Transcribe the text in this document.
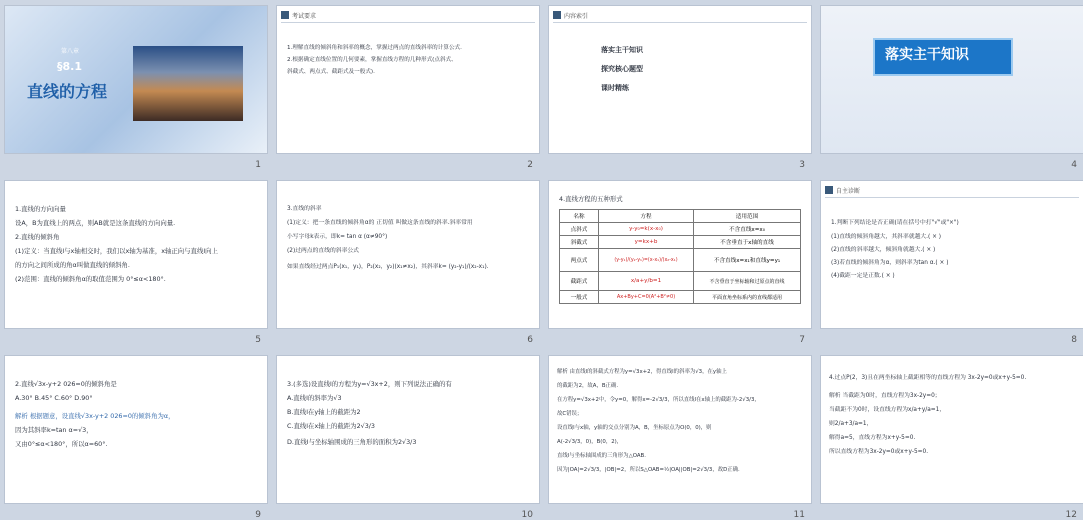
第八章
§8.1
直线的方程
1
考试要求
1.理解直线的倾斜角和斜率的概念，掌握过两点的直线斜率的计算公式.
2.根据确定直线位置的几何要素，掌握直线方程的几种形式(点斜式、
斜截式、两点式、截距式及一般式).
2
内容索引
落实主干知识
探究核心题型
课时精练
3
落实主干知识
4
1.直线的方向向量
设A，B为直线上的两点，则AB就是这条直线的方向向量.
2.直线的倾斜角
(1)定义：当直线l与x轴相交时，我们以x轴为基准，x轴正向与直线l向上
的方向之间所成的角α叫做直线的倾斜角.
(2)范围：直线的倾斜角α的取值范围为 0°≤α<180°.
5
3.直线的斜率
(1)定义：把一条直线的倾斜角α的 正切值 叫做这条直线的斜率.斜率常用
小写字母k表示，即k= tan α (α≠90°)
(2)过两点的直线的斜率公式
如果直线经过两点P₁(x₁，y₁)，P₂(x₂，y₂)(x₁≠x₂)，其斜率k= (y₂-y₁)/(x₂-x₁).
6
4.直线方程的五种形式
名称	方程	适用范围
点斜式	y-y₀=k(x-x₀)	不含直线x=x₀
斜截式	y=kx+b	不含垂直于x轴的直线
两点式	(y-y₁)/(y₂-y₁)=(x-x₁)/(x₂-x₁)	不含直线x=x₁和直线y=y₁
截距式	x/a+y/b=1	不含垂直于坐标轴和过原点的直线
一般式	Ax+By+C=0(A²+B²≠0)	平面直角坐标系内的直线都适用
7
自主诊断
1.判断下列结论是否正确(请在括号中打"√"或"×")
(1)直线的倾斜角越大，其斜率就越大.( × )
(2)直线的斜率越大，倾斜角就越大.( × )
(3)若直线的倾斜角为α，则斜率为tan α.( × )
(4)截距一定是正数.( × )
8
2.直线√3x-y+2 026=0的倾斜角是
A.30° B.45° C.60° D.90°
解析 根据题意，设直线√3x-y+2 026=0的倾斜角为α，
因为其斜率k=tan α=√3，
又由0°≤α<180°，所以α=60°.
9
3.(多选)设直线l的方程为y=√3x+2，则下列说法正确的有
A.直线l的斜率为√3
B.直线l在y轴上的截距为2
C.直线l在x轴上的截距为2√3/3
D.直线l与坐标轴围成的三角形的面积为2√3/3
10
解析 由直线l的斜截式方程为y=√3x+2，得直线l的斜率为√3，在y轴上
的截距为2，故A，B正确.
在方程y=√3x+2中，令y=0，解得x=-2√3/3，所以直线l在x轴上的截距为-2√3/3，
故C错误；
设直线l与x轴，y轴的交点分别为A，B，坐标原点为O(0，0)，则
A(-2√3/3，0)，B(0，2)，
直线l与坐标轴围成的三角形为△OAB.
因为|OA|=2√3/3，|OB|=2，所以S△OAB=½|OA||OB|=2√3/3，故D正确.
11
4.过点P(2，3)且在两坐标轴上截距相等的直线方程为 3x-2y=0或x+y-5=0.
解析 当截距为0时，直线方程为3x-2y=0；
当截距不为0时，设直线方程为x/a+y/a=1，
则2/a+3/a=1，
解得a=5，直线方程为x+y-5=0.
所以直线方程为3x-2y=0或x+y-5=0.
12
